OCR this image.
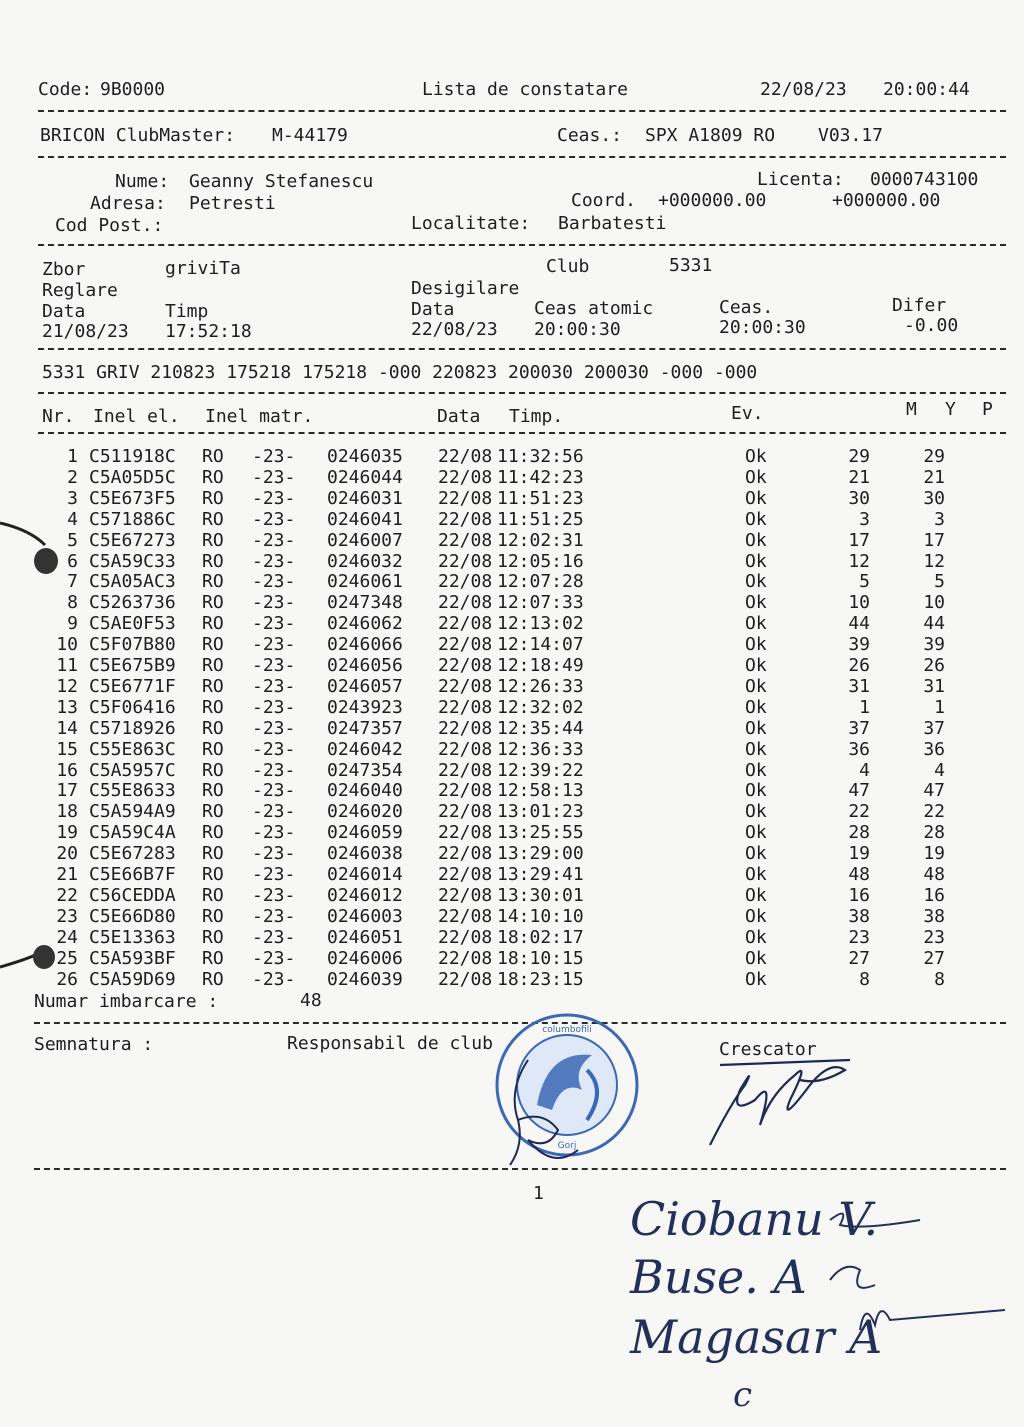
Code: 9B0000	Lista de constatare	22/08/23 20:00:44
BRICON ClubMaster: M-44179	Ceas.: SPX A1809 RO V03.17
Nume: Geanny Stefanescu	Licenta: 0000743100
Adresa: Petresti	Coord. +000000.00	+000000.00
Cod Post.:	Localitate: Barbatesti
Zbor	griviTa	Club	5331
Reglare	Desigilare
Data	Timp	Data	Ceas atomic	Ceas.	Difer
21/08/23 17:52:18	22/08/23 20:00:30	20:00:30	-0.00
5331 GRIV 210823 175218 175218 -000 220823 200030 200030 -000 -000
Nr. Inel el. Inel matr.	Data Timp.	Ev.	M Y P
1 C511918C RO -23- 0246035 22/08 11:32:56	Ok	29	29
2 C5A05D5C RO -23- 0246044 22/08 11:42:23	Ok	21	21
3 C5E673F5 RO -23- 0246031 22/08 11:51:23	Ok	30	30
4 C571886C RO -23- 0246041 22/08 11:51:25	Ok	3	3
5 C5E67273 RO -23- 0246007 22/08 12:02:31	Ok	17	17
6 C5A59C33 RO -23- 0246032 22/08 12:05:16	Ok	12	12
7 C5A05AC3 RO -23- 0246061 22/08 12:07:28	Ok	5	5
8 C5263736 RO -23- 0247348 22/08 12:07:33	Ok	10	10
9 C5AE0F53 RO -23- 0246062 22/08 12:13:02	Ok	44	44
10 C5F07B80 RO -23- 0246066 22/08 12:14:07	Ok	39	39
11 C5E675B9 RO -23- 0246056 22/08 12:18:49	Ok	26	26
12 C5E6771F RO -23- 0246057 22/08 12:26:33	Ok	31	31
13 C5F06416 RO -23- 0243923 22/08 12:32:02	Ok	1	1
14 C5718926 RO -23- 0247357 22/08 12:35:44	Ok	37	37
15 C55E863C RO -23- 0246042 22/08 12:36:33	Ok	36	36
16 C5A5957C RO -23- 0247354 22/08 12:39:22	Ok	4	4
17 C55E8633 RO -23- 0246040 22/08 12:58:13	Ok	47	47
18 C5A594A9 RO -23- 0246020 22/08 13:01:23	Ok	22	22
19 C5A59C4A RO -23- 0246059 22/08 13:25:55	Ok	28	28
20 C5E67283 RO -23- 0246038 22/08 13:29:00	Ok	19	19
21 C5E66B7F RO -23- 0246014 22/08 13:29:41	Ok	48	48
22 C56CEDDA RO -23- 0246012 22/08 13:30:01	Ok	16	16
23 C5E66D80 RO -23- 0246003 22/08 14:10:10	Ok	38	38
24 C5E13363 RO -23- 0246051 22/08 18:02:17	Ok	23	23
25 C5A593BF RO -23- 0246006 22/08 18:10:15	Ok	27	27
26 C5A59D69 RO -23- 0246039 22/08 18:23:15	Ok	8	8
Numar imbarcare :	48
Semnatura :	Responsabil de club	Crescator
columbofili
Gorj
1 Ciobanu V.
Buse. A
Magasar A
c
